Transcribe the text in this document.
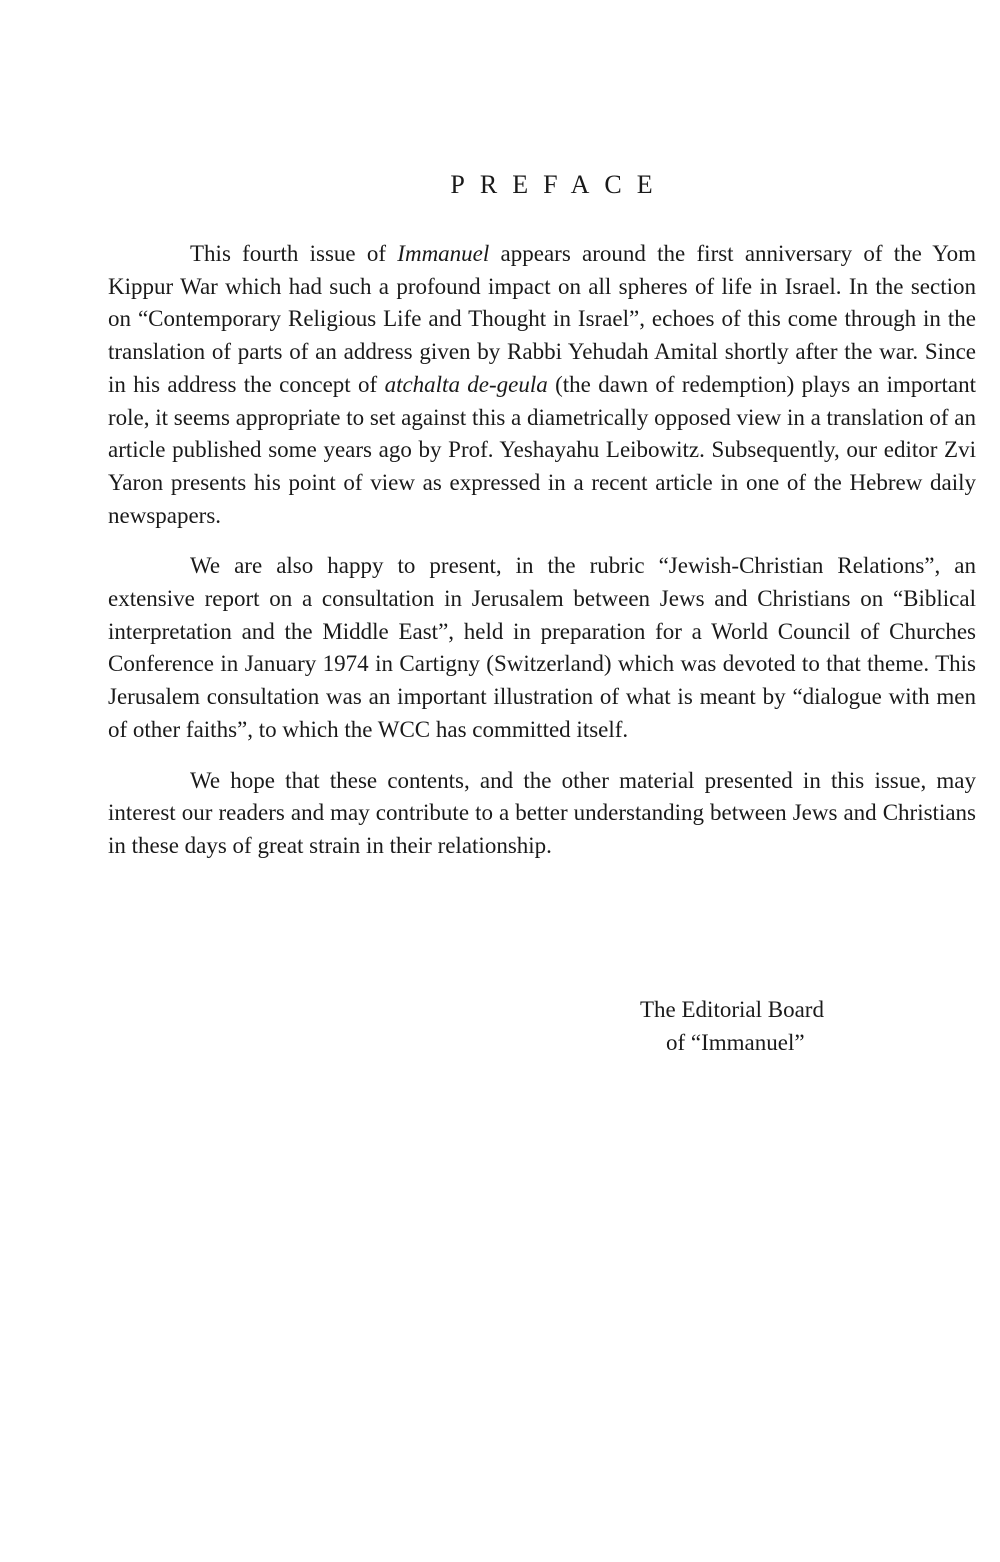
PREFACE

This fourth issue of Immanuel appears around the first anniversary of the Yom Kippur War which had such a profound impact on all spheres of life in Israel. In the section on “Contemporary Religious Life and Thought in Israel”, echoes of this come through in the translation of parts of an address given by Rabbi Yehudah Amital shortly after the war. Since in his address the concept of atchalta de-geula (the dawn of redemption) plays an important role, it seems appropriate to set against this a diametrically opposed view in a translation of an article published some years ago by Prof. Yeshayahu Leibowitz. Subsequently, our editor Zvi Yaron presents his point of view as expressed in a recent article in one of the Hebrew daily newspapers.

We are also happy to present, in the rubric “Jewish-Christian Relations”, an extensive report on a consultation in Jerusalem between Jews and Christians on “Biblical interpretation and the Middle East”, held in preparation for a World Council of Churches Conference in January 1974 in Cartigny (Switzerland) which was devoted to that theme. This Jerusalem consultation was an important illustration of what is meant by “dialogue with men of other faiths”, to which the WCC has committed itself.

We hope that these contents, and the other material presented in this issue, may interest our readers and may contribute to a better understanding between Jews and Christians in these days of great strain in their relationship.

The Editorial Board
of “Immanuel”
